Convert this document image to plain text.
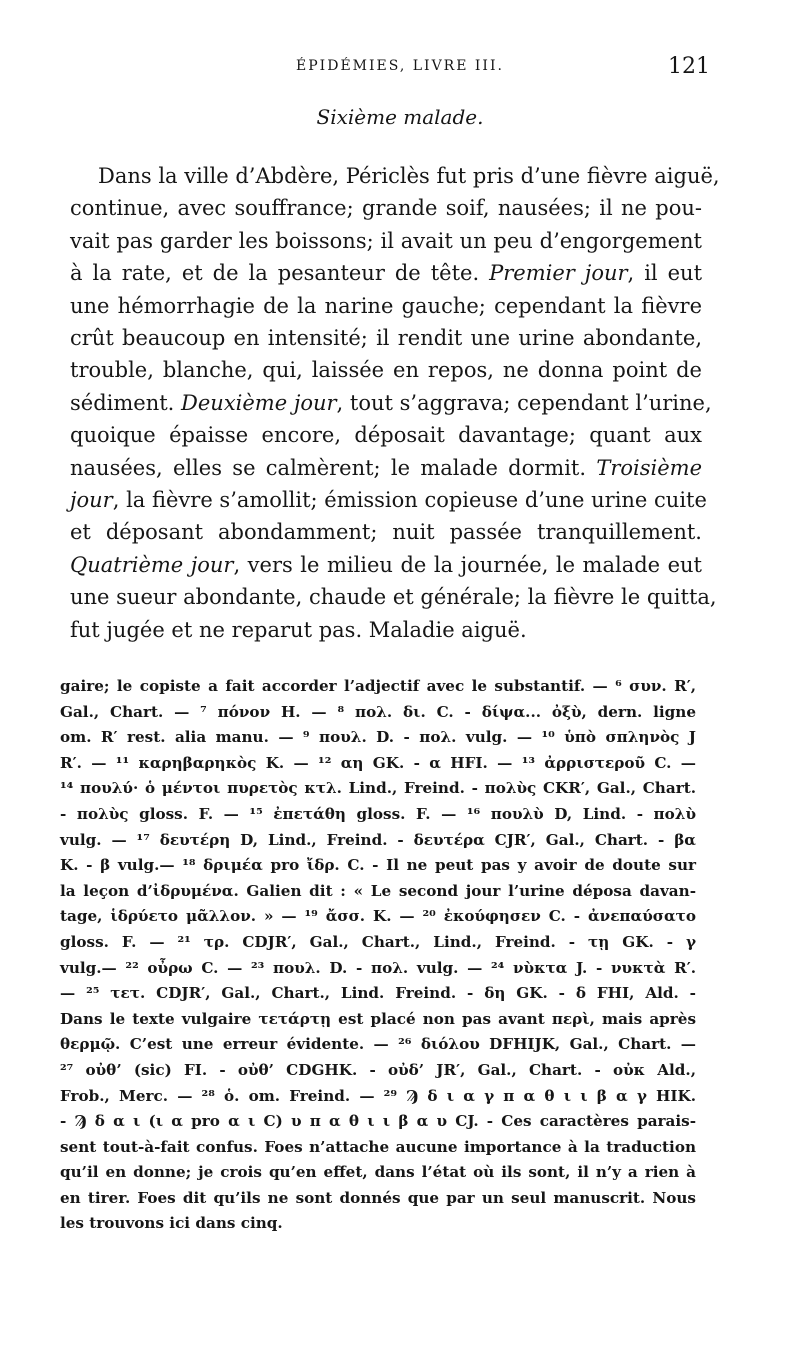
ÉPIDÉMIES, LIVRE III.	121
Sixième malade.
Dans la ville d’Abdère, Périclès fut pris d’une fièvre aiguë,
continue, avec souffrance; grande soif, nausées; il ne pou-
vait pas garder les boissons; il avait un peu d’engorgement
à la rate, et de la pesanteur de tête. Premier jour, il eut
une hémorrhagie de la narine gauche; cependant la fièvre
crût beaucoup en intensité; il rendit une urine abondante,
trouble, blanche, qui, laissée en repos, ne donna point de
sédiment. Deuxième jour, tout s’aggrava; cependant l’urine,
quoique épaisse encore, déposait davantage; quant aux
nausées, elles se calmèrent; le malade dormit. Troisième
jour, la fièvre s’amollit; émission copieuse d’une urine cuite
et déposant abondamment; nuit passée tranquillement.
Quatrième jour, vers le milieu de la journée, le malade eut
une sueur abondante, chaude et générale; la fièvre le quitta,
fut jugée et ne reparut pas. Maladie aiguë.
gaire; le copiste a fait accorder l’adjectif avec le substantif. — ⁶ συν. R′,
Gal., Chart. — ⁷ πόνον H. — ⁸ πολ. δι. C. - δίψα... ὀξὺ, dern. ligne
om. R′ rest. alia manu. — ⁹ πουλ. D. - πολ. vulg. — ¹⁰ ὑπὸ σπληνὸς J
R′. — ¹¹ καρηβαρηκὸς K. — ¹² αη GK. - α HFI. — ¹³ ἀρριστεροῦ C. —
¹⁴ πουλύ· ὁ μέντοι πυρετὸς κτλ. Lind., Freind. - πολὺς CKR′, Gal., Chart.
- πολὺς gloss. F. — ¹⁵ ἐπετάθη gloss. F. — ¹⁶ πουλὺ D, Lind. - πολὺ
vulg. — ¹⁷ δευτέρη D, Lind., Freind. - δευτέρα CJR′, Gal., Chart. - βα
K. - β vulg.— ¹⁸ δριμέα pro ἴδρ. C. - Il ne peut pas y avoir de doute sur
la leçon d’ἰδρυμένα. Galien dit : « Le second jour l’urine déposa davan-
tage, ἱδρύετο μᾶλλον. » — ¹⁹ ἄσσ. K. — ²⁰ ἐκούφησεν C. - ἀνεπαύσατο
gloss. F. — ²¹ τρ. CDJR′, Gal., Chart., Lind., Freind. - τῃ GK. - γ
vulg.— ²² οὖρω C. — ²³ πουλ. D. - πολ. vulg. — ²⁴ νὺκτα J. - νυκτὰ R′.
— ²⁵ τετ. CDJR′, Gal., Chart., Lind. Freind. - δη GK. - δ FHI, Ald. -
Dans le texte vulgaire τετάρτῃ est placé non pas avant περὶ, mais après
θερμῷ. C’est une erreur évidente. — ²⁶ διόλου DFHIJK, Gal., Chart. —
²⁷ οὐθ’ (sic) FI. - οὐθ’ CDGHK. - οὐδ’ JR′, Gal., Chart. - οὐκ Ald.,
Frob., Merc. — ²⁸ ὁ. om. Freind. — ²⁹ Ϡ δ ι α γ π α θ ι ι β α γ HIK.
- Ϡ δ α ι (ι α pro α ι C) υ π α θ ι ι β α υ CJ. - Ces caractères parais-
sent tout-à-fait confus. Foes n’attache aucune importance à la traduction
qu’il en donne; je crois qu’en effet, dans l’état où ils sont, il n’y a rien à
en tirer. Foes dit qu’ils ne sont donnés que par un seul manuscrit. Nous
les trouvons ici dans cinq.
